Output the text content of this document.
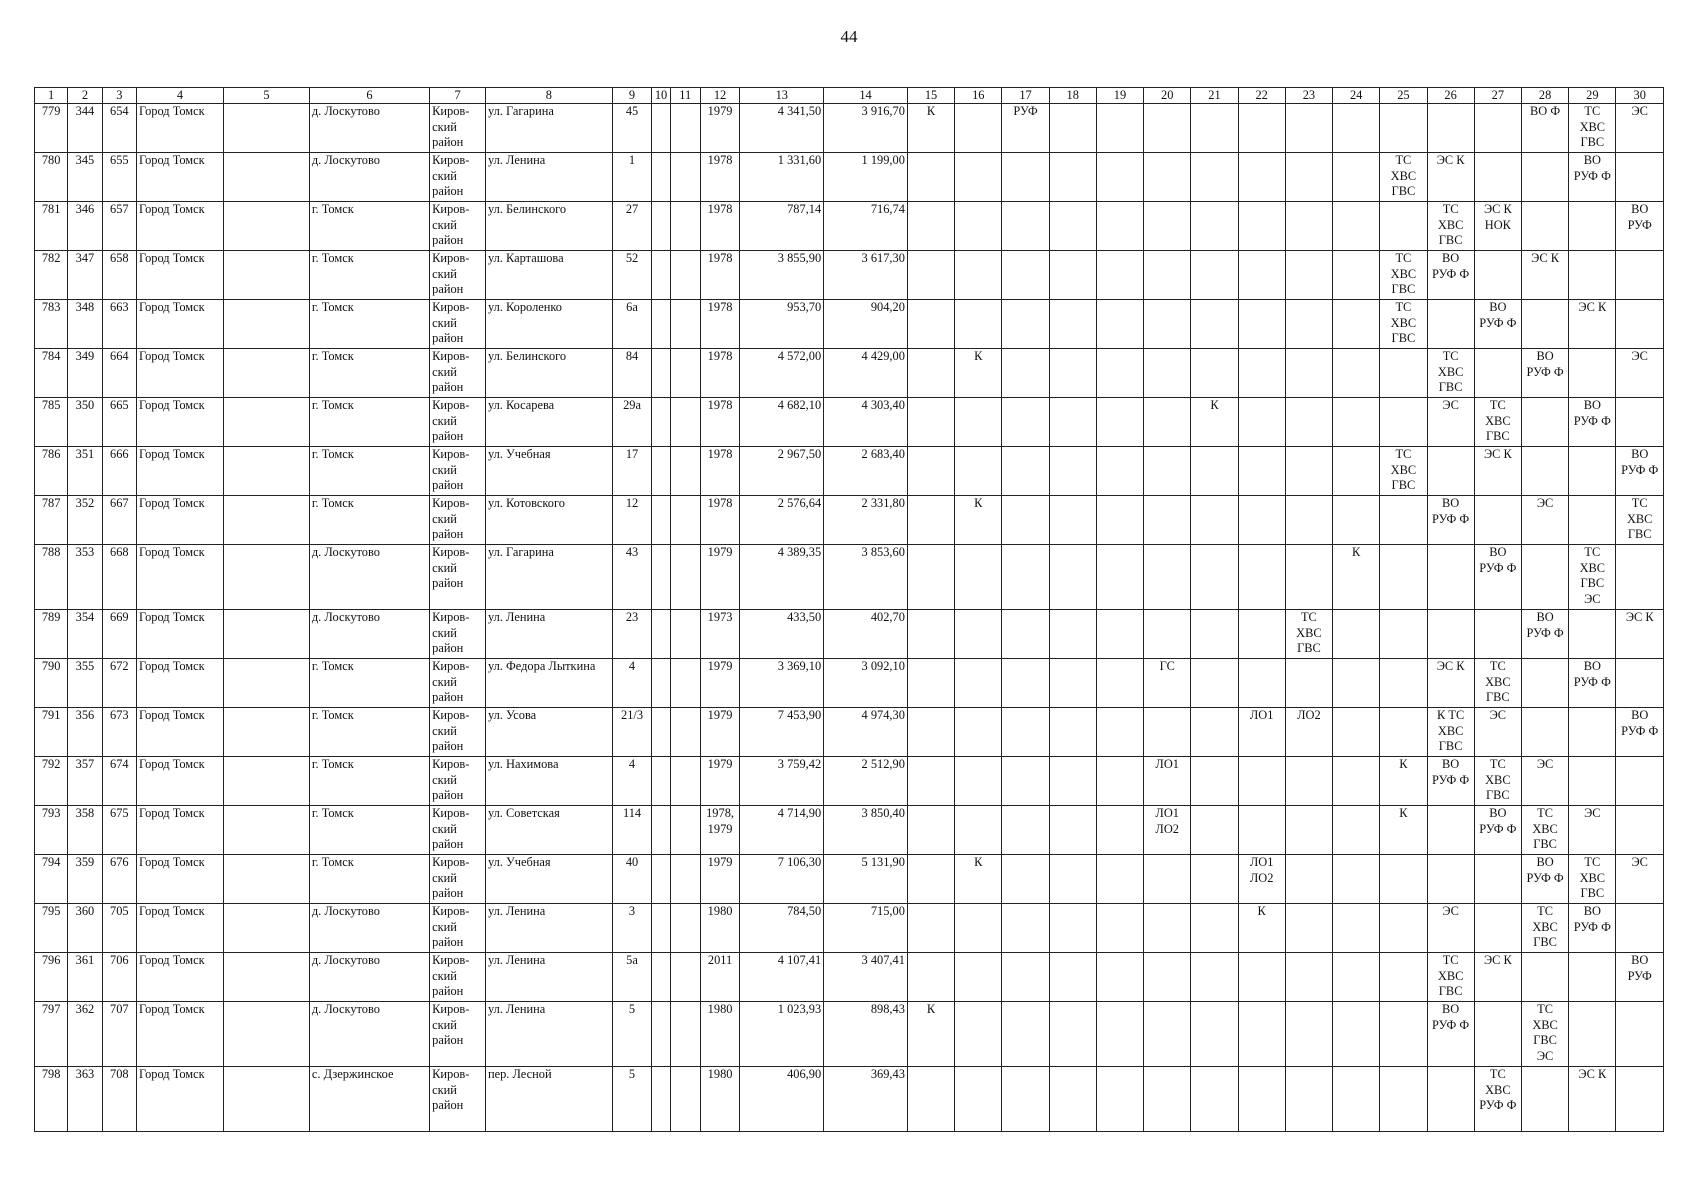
44
1	2	3	4	5	6	7	8	9	10	11	12	13	14	15	16	17	18	19	20	21	22	23	24	25	26	27	28	29	30
779	344	654	Город Томск		д. Лоскутово	Киров-
ский
район	ул. Гагарина	45			1979	4 341,50	3 916,70	К		РУФ											ВО Ф	ТС
ХВС
ГВС	ЭС
780	345	655	Город Томск		д. Лоскутово	Киров-
ский
район	ул. Ленина	1			1978	1 331,60	1 199,00											ТС
ХВС
ГВС	ЭС К			ВО
РУФ Ф	
781	346	657	Город Томск		г. Томск	Киров-
ский
район	ул. Белинского	27			1978	787,14	716,74												ТС
ХВС
ГВС	ЭС К
НОК			ВО
РУФ
782	347	658	Город Томск		г. Томск	Киров-
ский
район	ул. Карташова	52			1978	3 855,90	3 617,30											ТС
ХВС
ГВС	ВО
РУФ Ф		ЭС К		
783	348	663	Город Томск		г. Томск	Киров-
ский
район	ул. Короленко	6а			1978	953,70	904,20											ТС
ХВС
ГВС		ВО
РУФ Ф		ЭС К	
784	349	664	Город Томск		г. Томск	Киров-
ский
район	ул. Белинского	84			1978	4 572,00	4 429,00		К										ТС
ХВС
ГВС		ВО
РУФ Ф		ЭС
785	350	665	Город Томск		г. Томск	Киров-
ский
район	ул. Косарева	29а			1978	4 682,10	4 303,40							К					ЭС	ТС
ХВС
ГВС		ВО
РУФ Ф	
786	351	666	Город Томск		г. Томск	Киров-
ский
район	ул. Учебная	17			1978	2 967,50	2 683,40											ТС
ХВС
ГВС		ЭС К			ВО
РУФ Ф
787	352	667	Город Томск		г. Томск	Киров-
ский
район	ул. Котовского	12			1978	2 576,64	2 331,80		К										ВО
РУФ Ф		ЭС		ТС
ХВС
ГВС
788	353	668	Город Томск		д. Лоскутово	Киров-
ский
район	ул. Гагарина	43			1979	4 389,35	3 853,60										К			ВО
РУФ Ф		ТС
ХВС
ГВС
ЭС	
789	354	669	Город Томск		д. Лоскутово	Киров-
ский
район	ул. Ленина	23			1973	433,50	402,70									ТС
ХВС
ГВС					ВО
РУФ Ф		ЭС К
790	355	672	Город Томск		г. Томск	Киров-
ский
район	ул. Федора Лыткина	4			1979	3 369,10	3 092,10						ГС						ЭС К	ТС
ХВС
ГВС		ВО
РУФ Ф	
791	356	673	Город Томск		г. Томск	Киров-
ский
район	ул. Усова	21/3			1979	7 453,90	4 974,30								ЛО1	ЛО2			К ТС
ХВС
ГВС	ЭС			ВО
РУФ Ф
792	357	674	Город Томск		г. Томск	Киров-
ский
район	ул. Нахимова	4			1979	3 759,42	2 512,90						ЛО1					К	ВО
РУФ Ф	ТС
ХВС
ГВС	ЭС		
793	358	675	Город Томск		г. Томск	Киров-
ский
район	ул. Советская	114			1978,
1979	4 714,90	3 850,40						ЛО1
ЛО2					К		ВО
РУФ Ф	ТС
ХВС
ГВС	ЭС	
794	359	676	Город Томск		г. Томск	Киров-
ский
район	ул. Учебная	40			1979	7 106,30	5 131,90		К						ЛО1
ЛО2						ВО
РУФ Ф	ТС
ХВС
ГВС	ЭС
795	360	705	Город Томск		д. Лоскутово	Киров-
ский
район	ул. Ленина	3			1980	784,50	715,00								К				ЭС		ТС
ХВС
ГВС	ВО
РУФ Ф	
796	361	706	Город Томск		д. Лоскутово	Киров-
ский
район	ул. Ленина	5а			2011	4 107,41	3 407,41												ТС
ХВС
ГВС	ЭС К			ВО
РУФ
797	362	707	Город Томск		д. Лоскутово	Киров-
ский
район	ул. Ленина	5			1980	1 023,93	898,43	К											ВО
РУФ Ф		ТС
ХВС
ГВС
ЭС		
798	363	708	Город Томск		с. Дзержинское	Киров-
ский
район	пер. Лесной	5			1980	406,90	369,43													ТС
ХВС
РУФ Ф		ЭС К	
